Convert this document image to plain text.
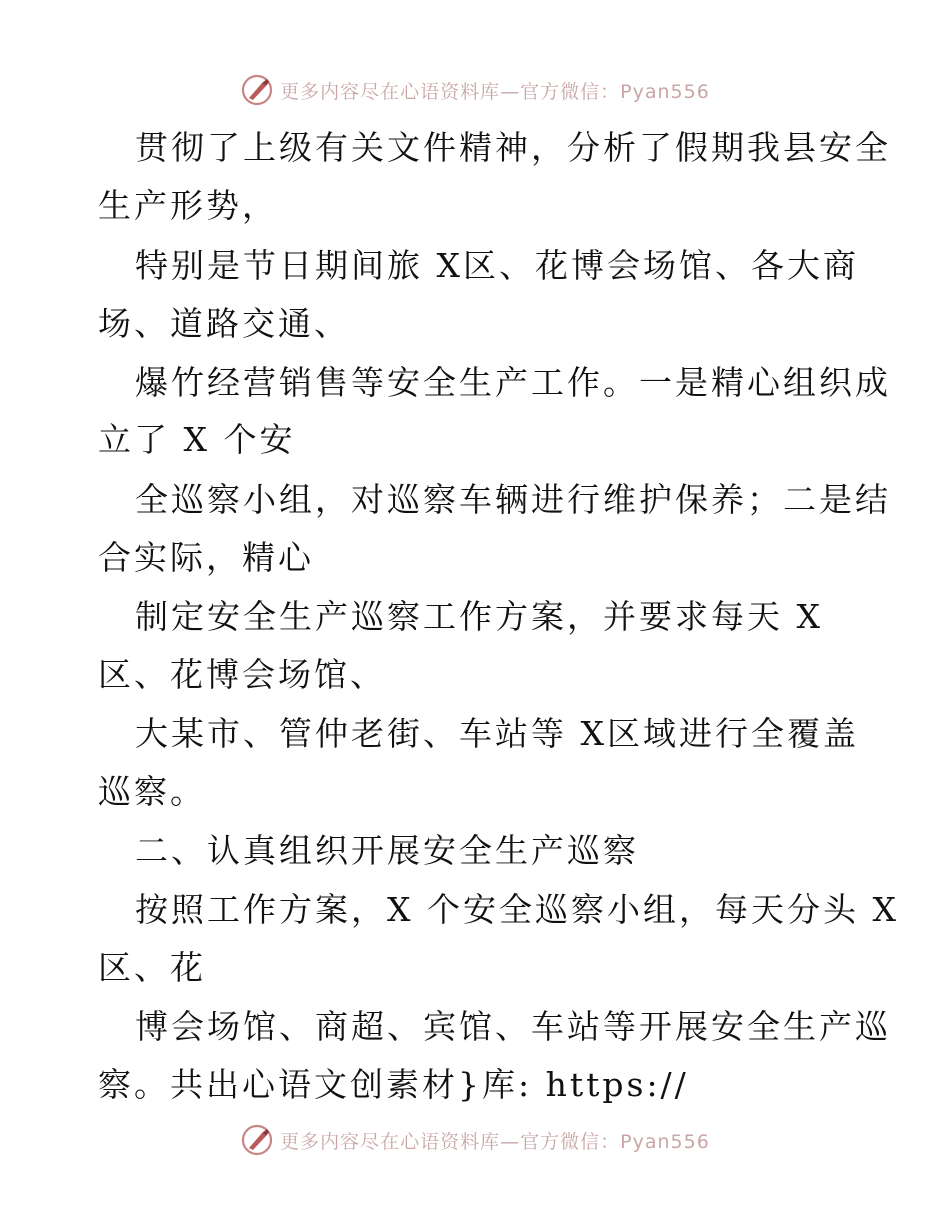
更多内容尽在心语资料库—官方微信：Pyan556
贯彻了上级有关文件精神，分析了假期我县安全
生产形势，
特别是节日期间旅 X区、花博会场馆、各大商
场、道路交通、
爆竹经营销售等安全生产工作。一是精心组织成
立了 X 个安
全巡察小组，对巡察车辆进行维护保养；二是结
合实际，精心
制定安全生产巡察工作方案，并要求每天 X
区、花博会场馆、
大某市、管仲老街、车站等 X区域进行全覆盖
巡察。
二、认真组织开展安全生产巡察
按照工作方案，X 个安全巡察小组，每天分头 X
区、花
博会场馆、商超、宾馆、车站等开展安全生产巡
察。共出心语文创素材}库: https://
更多内容尽在心语资料库—官方微信：Pyan556
